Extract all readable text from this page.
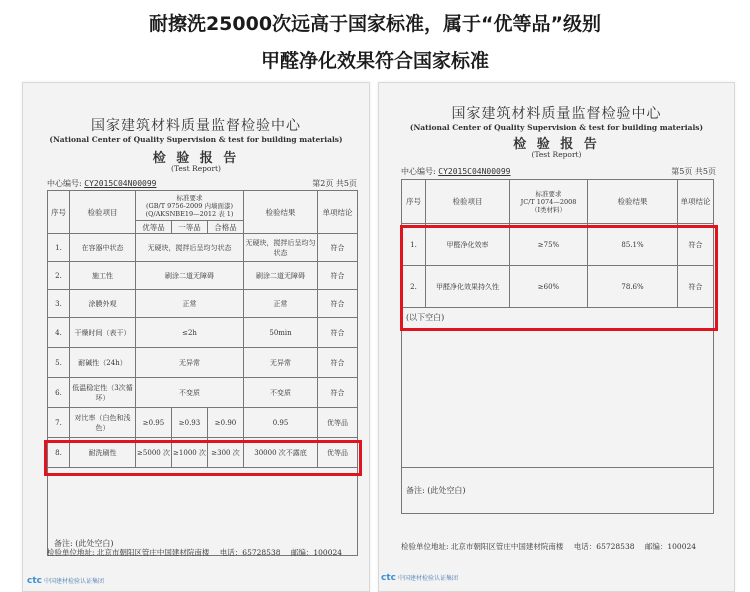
耐擦洗25000次远高于国家标准，属于“优等品”级别
甲醛净化效果符合国家标准
国家建筑材料质量监督检验中心
(National Center of Quality Supervision & test for building materials)
检 验 报 告
(Test Report)
中心编号: CY2015C04N00099	第2页 共5页
序号	检验项目	标准要求
(GB/T 9756-2009 内墙面漆)
(Q/AKSNBE19—2012 表 1)			检验结果	单项结论
		优等品	一等品	合格品		
1.	在容器中状态	无硬块，搅拌后呈均匀状态			无硬块，搅拌后呈均匀状态	符合
2.	施工性	刷涂二道无障碍			刷涂二道无障碍	符合
3.	涂膜外观	正常			正常	符合
4.	干燥时间（表干）	≤2h			50min	符合
5.	耐碱性（24h）	无异常			无异常	符合
6.	低温稳定性（3次循环）	不变质			不变质	符合
7.	对比率（白色和浅色）	≥0.95	≥0.93	≥0.90	0.95	优等品
8.	耐洗刷性	≥5000 次	≥1000 次	≥300 次	30000 次不露底	优等品
备注: (此处空白)						
检验单位地址: 北京市朝阳区管庄中国建材院南楼 电话：65728538 邮编：100024
ctc 中国建材检验认证集团
国家建筑材料质量监督检验中心
(National Center of Quality Supervision & test for building materials)
检 验 报 告
(Test Report)
中心编号: CY2015C04N00099	第5页 共5页
序号	检验项目	标准要求
JC/T 1074—2008
（Ⅰ类材料）	检验结果	单项结论
1.	甲醛净化效率	≥75%	85.1%	符合
2.	甲醛净化效果持久性	≥60%	78.6%	符合
(以下空白)				
备注: (此处空白)				
检验单位地址: 北京市朝阳区管庄中国建材院南楼 电话：65728538 邮编：100024
ctc 中国建材检验认证集团
